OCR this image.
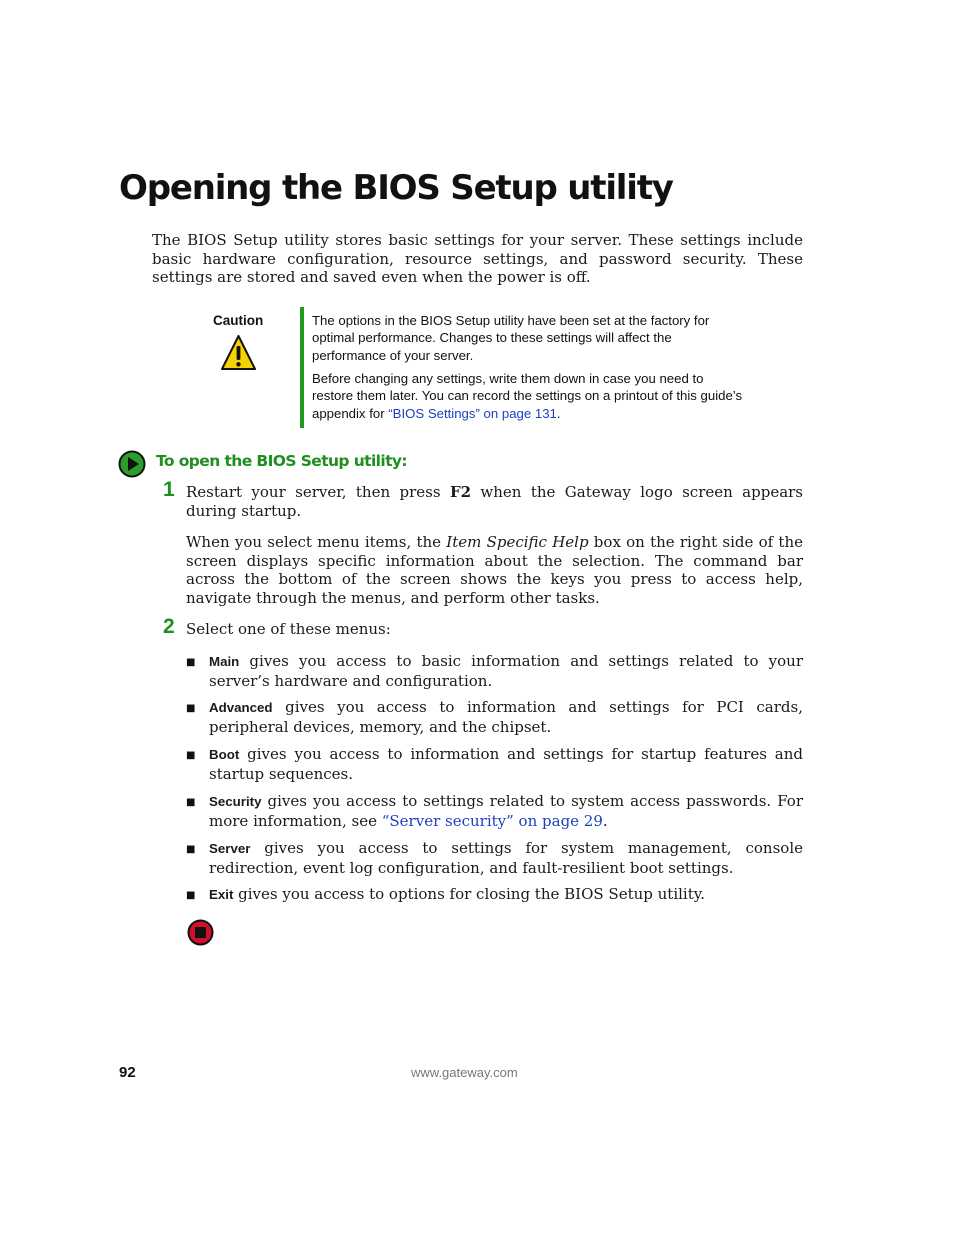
Opening the BIOS Setup utility

The BIOS Setup utility stores basic settings for your server. These settings include basic hardware configuration, resource settings, and password security. These settings are stored and saved even when the power is off.

Caution	The options in the BIOS Setup utility have been set at the factory for optimal performance. Changes to these settings will affect the performance of your server.

Before changing any settings, write them down in case you need to restore them later. You can record the settings on a printout of this guide’s appendix for “BIOS Settings” on page 131.

To open the BIOS Setup utility:
1 Restart your server, then press F2 when the Gateway logo screen appears during startup.

When you select menu items, the Item Specific Help box on the right side of the screen displays specific information about the selection. The command bar across the bottom of the screen shows the keys you press to access help, navigate through the menus, and perform other tasks.

2 Select one of these menus:

■ Main gives you access to basic information and settings related to your server’s hardware and configuration.

■ Advanced gives you access to information and settings for PCI cards, peripheral devices, memory, and the chipset.

■ Boot gives you access to information and settings for startup features and startup sequences.

■ Security gives you access to settings related to system access passwords. For more information, see “Server security” on page 29.

■ Server gives you access to settings for system management, console redirection, event log configuration, and fault-resilient boot settings.

■ Exit gives you access to options for closing the BIOS Setup utility.

92	www.gateway.com
